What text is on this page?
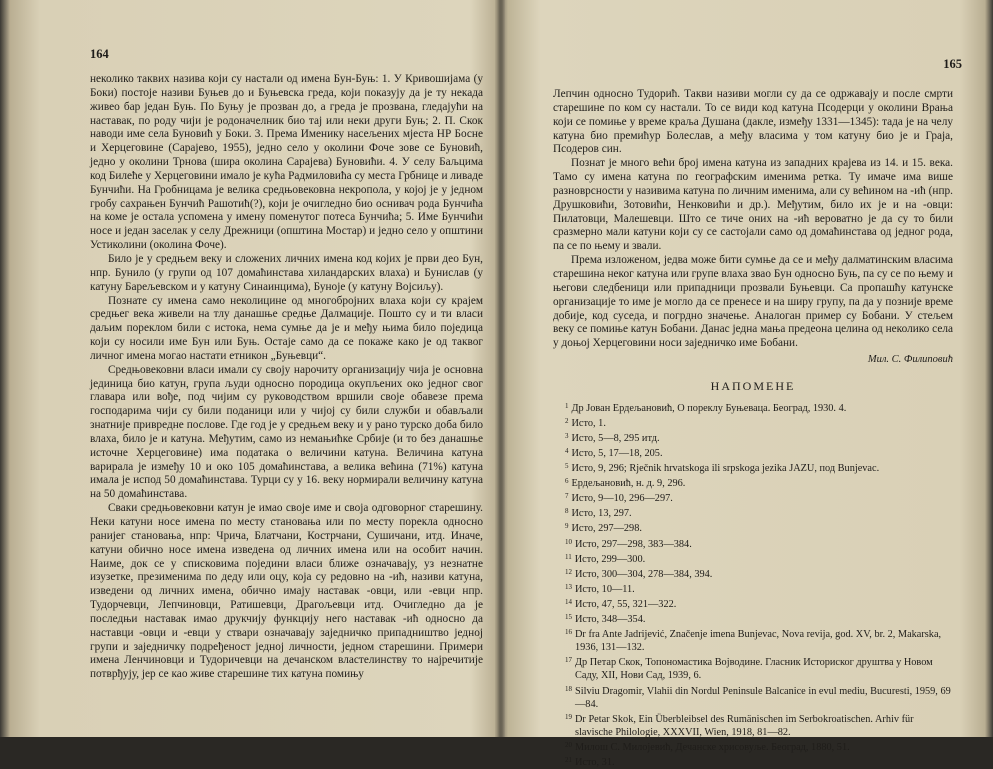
164

неколико таквих назива који су настали од имена Бун-Буњ: 1. У Кривошијама (у Боки) постоје називи Буњев до и Буњевска греда, који показују да је ту некада живео бар један Буњ. По Буњу је прозван до, а греда је прозвана, гледајући на наставак, по роду чији је родоначелник био тај или неки други Буњ; 2. П. Скок наводи име села Буновић у Боки. 3. Према Именику насељених мјеста НР Босне и Херцеговине (Сарајево, 1955), једно село у околини Фоче зове се Буновић, једно у околини Трнова (шира околина Сарајева) Буновићи. 4. У селу Баљцима код Билеће у Херцеговини имало је кућа Радмиловића су места Грбнице и ливаде Бунчићи. На Гробницама је велика средњовековна некропола, у којој је у једном гробу сахрањен Бунчић Рашотић(?), који је очигледно био оснивач рода Бунчића на коме је остала успомена у имену поменутог потеса Бунчића; 5. Име Бунчићи носе и један заселак у селу Дрежници (општина Мостар) и једно село у општини Устиколини (околина Фоче).

Било је у средњем веку и сложених личних имена код којих је први део Бун, нпр. Бунило (у групи од 107 домаћинстава хиландарских влаха) и Бунислав (у катуну Барељевском и у катуну Синаинцима), Буноје (у катуну Војсиљу).

Познате су имена само неколицине од многобројних влаха који су крајем средњег века живели на тлу данашње средње Далмације. Пошто су и ти власи даљим пореклом били с истока, нема сумње да је и међу њима било поједица који су носили име Бун или Буњ. Остаје само да се покаже како је од таквог личног имена могао настати етникон „Буњевци“.

Средњовековни власи имали су своју нарочиту организацију чија је основна јединица био катун, група људи односно породица окупљених око једног свог главара или вође, под чијим су руководством вршили своје обавезе према господарима чији су били поданици или у чијој су били служби и обављали знатније привредне послове. Где год је у средњем веку и у рано турско доба било влаха, било је и катуна. Међутим, само из немањићке Србије (и то без данашње источне Херцеговине) има података о величини катуна. Величина катуна варирала је између 10 и око 105 домаћинстава, а велика већина (71%) катуна имала је испод 50 домаћинстава. Турци су у 16. веку нормирали величину катуна на 50 домаћинстава.

Сваки средњовековни катун је имао своје име и своја одговорног старешину. Неки катуни носе имена по месту становања или по месту порекла односно ранијег становања, нпр: Чрича, Блатчани, Кострчани, Сушичани, итд. Иначе, катуни обично носе имена изведена од личних имена или на особит начин. Наиме, док се у списковима поједини власи ближе означавају, уз незнатне изузетке, презименима по деду или оцу, која су редовно на -ић, називи катуна, изведени од личних имена, обично имају наставак -овци, или -евци нпр. Тудорчевци, Лепчиновци, Ратишевци, Драгољевци итд. Очигледно да је последњи наставак имао друкчију функцију него наставак -ић односно да наставци -овци и -евци у ствари означавају заједничко припадништво једној групи и заједничку подређеност једној личности, једном старешини. Примери имена Ленчиновци и Тудоричевци на дечанском властелинству то најречитије потврђују, јер се као живе старешине тих катуна помињу

165

Лепчин односно Тудорић. Такви називи могли су да се одржавају и после смрти старешине по ком су настали. То се види код катуна Псодерци у околини Врања који се помиње у време краља Душана (дакле, између 1331—1345): тада је на челу катуна био премићур Болеслав, а међу власима у том катуну био је и Граја, Псодеров син.

Познат је много већи број имена катуна из западних крајева из 14. и 15. века. Тамо су имена катуна по географским именима ретка. Ту имаче има више разноврсности у називима катуна по личним именима, али су већином на -ић (нпр. Друшковићи, Зотовићи, Ненковићи и др.). Међутим, било их је и на -овци: Пилатовци, Малешевци. Што се тиче оних на -ић вероватно је да су то били сразмерно мали катуни који су се састојали само од домаћинстава од једног рода, па се по њему и звали.

Према изложеном, једва може бити сумње да се и међу далматинским власима старешина неког катуна или групе влаха звао Бун односно Буњ, па су се по њему и његови следбеници или припадници прозвали Буњевци. Са пропашћу катунске организације то име је могло да се пренесе и на ширу групу, па да у познијe време добије, код суседа, и погрдно значење. Аналоган пример су Бобани. У стељем веку се помиње катун Бобани. Данас једна мања предеона целина од неколико села у доњој Херцеговини носи заједничко име Бобани.

Мил. С. Филиповић
НАПОМЕНЕ
$^1$ Др Јован Ердељановић, О пореклу Буњеваца. Београд, 1930. 4.
$^2$ Исто, 1.
$^3$ Исто, 5—8, 295 итд.
$^4$ Исто, 5, 17—18, 205.
$^5$ Исто, 9, 296; Rječnik hrvatskoga ili srpskoga jezika JAZU, под Bunjevac.
$^6$ Ердељановић, н. д. 9, 296.
$^7$ Исто, 9—10, 296—297.
$^8$ Исто, 13, 297.
$^9$ Исто, 297—298.
$^{10}$ Исто, 297—298, 383—384.
$^{11}$ Исто, 299—300.
$^{12}$ Исто, 300—304, 278—384, 394.
$^{13}$ Исто, 10—11.
$^{14}$ Исто, 47, 55, 321—322.
$^{15}$ Исто, 348—354.
$^{16}$ Dr fra Ante Jadrijević, Značenje imena Bunjevac, Nova revija, god. XV, br. 2, Makarska, 1936, 131—132.
$^{17}$ Др Петар Скок, Топономастика Војводине. Гласник Историског друштва у Новом Саду, XII, Нови Сад, 1939, 6.
$^{18}$ Silviu Dragomir, Vlahii din Nordul Peninsule Balcanice in evul mediu, Bucuresti, 1959, 69—84.
$^{19}$ Dr Petar Skok, Ein Überbleibsel des Rumänischen im Serbokroatischen. Arhiv für slavische Philologie, XXXVII, Wien, 1918, 81—82.
$^{20}$ Милош С. Милојевић, Дечанске хрисовуље. Београд, 1880, 51.
$^{21}$ Исто, 31.
